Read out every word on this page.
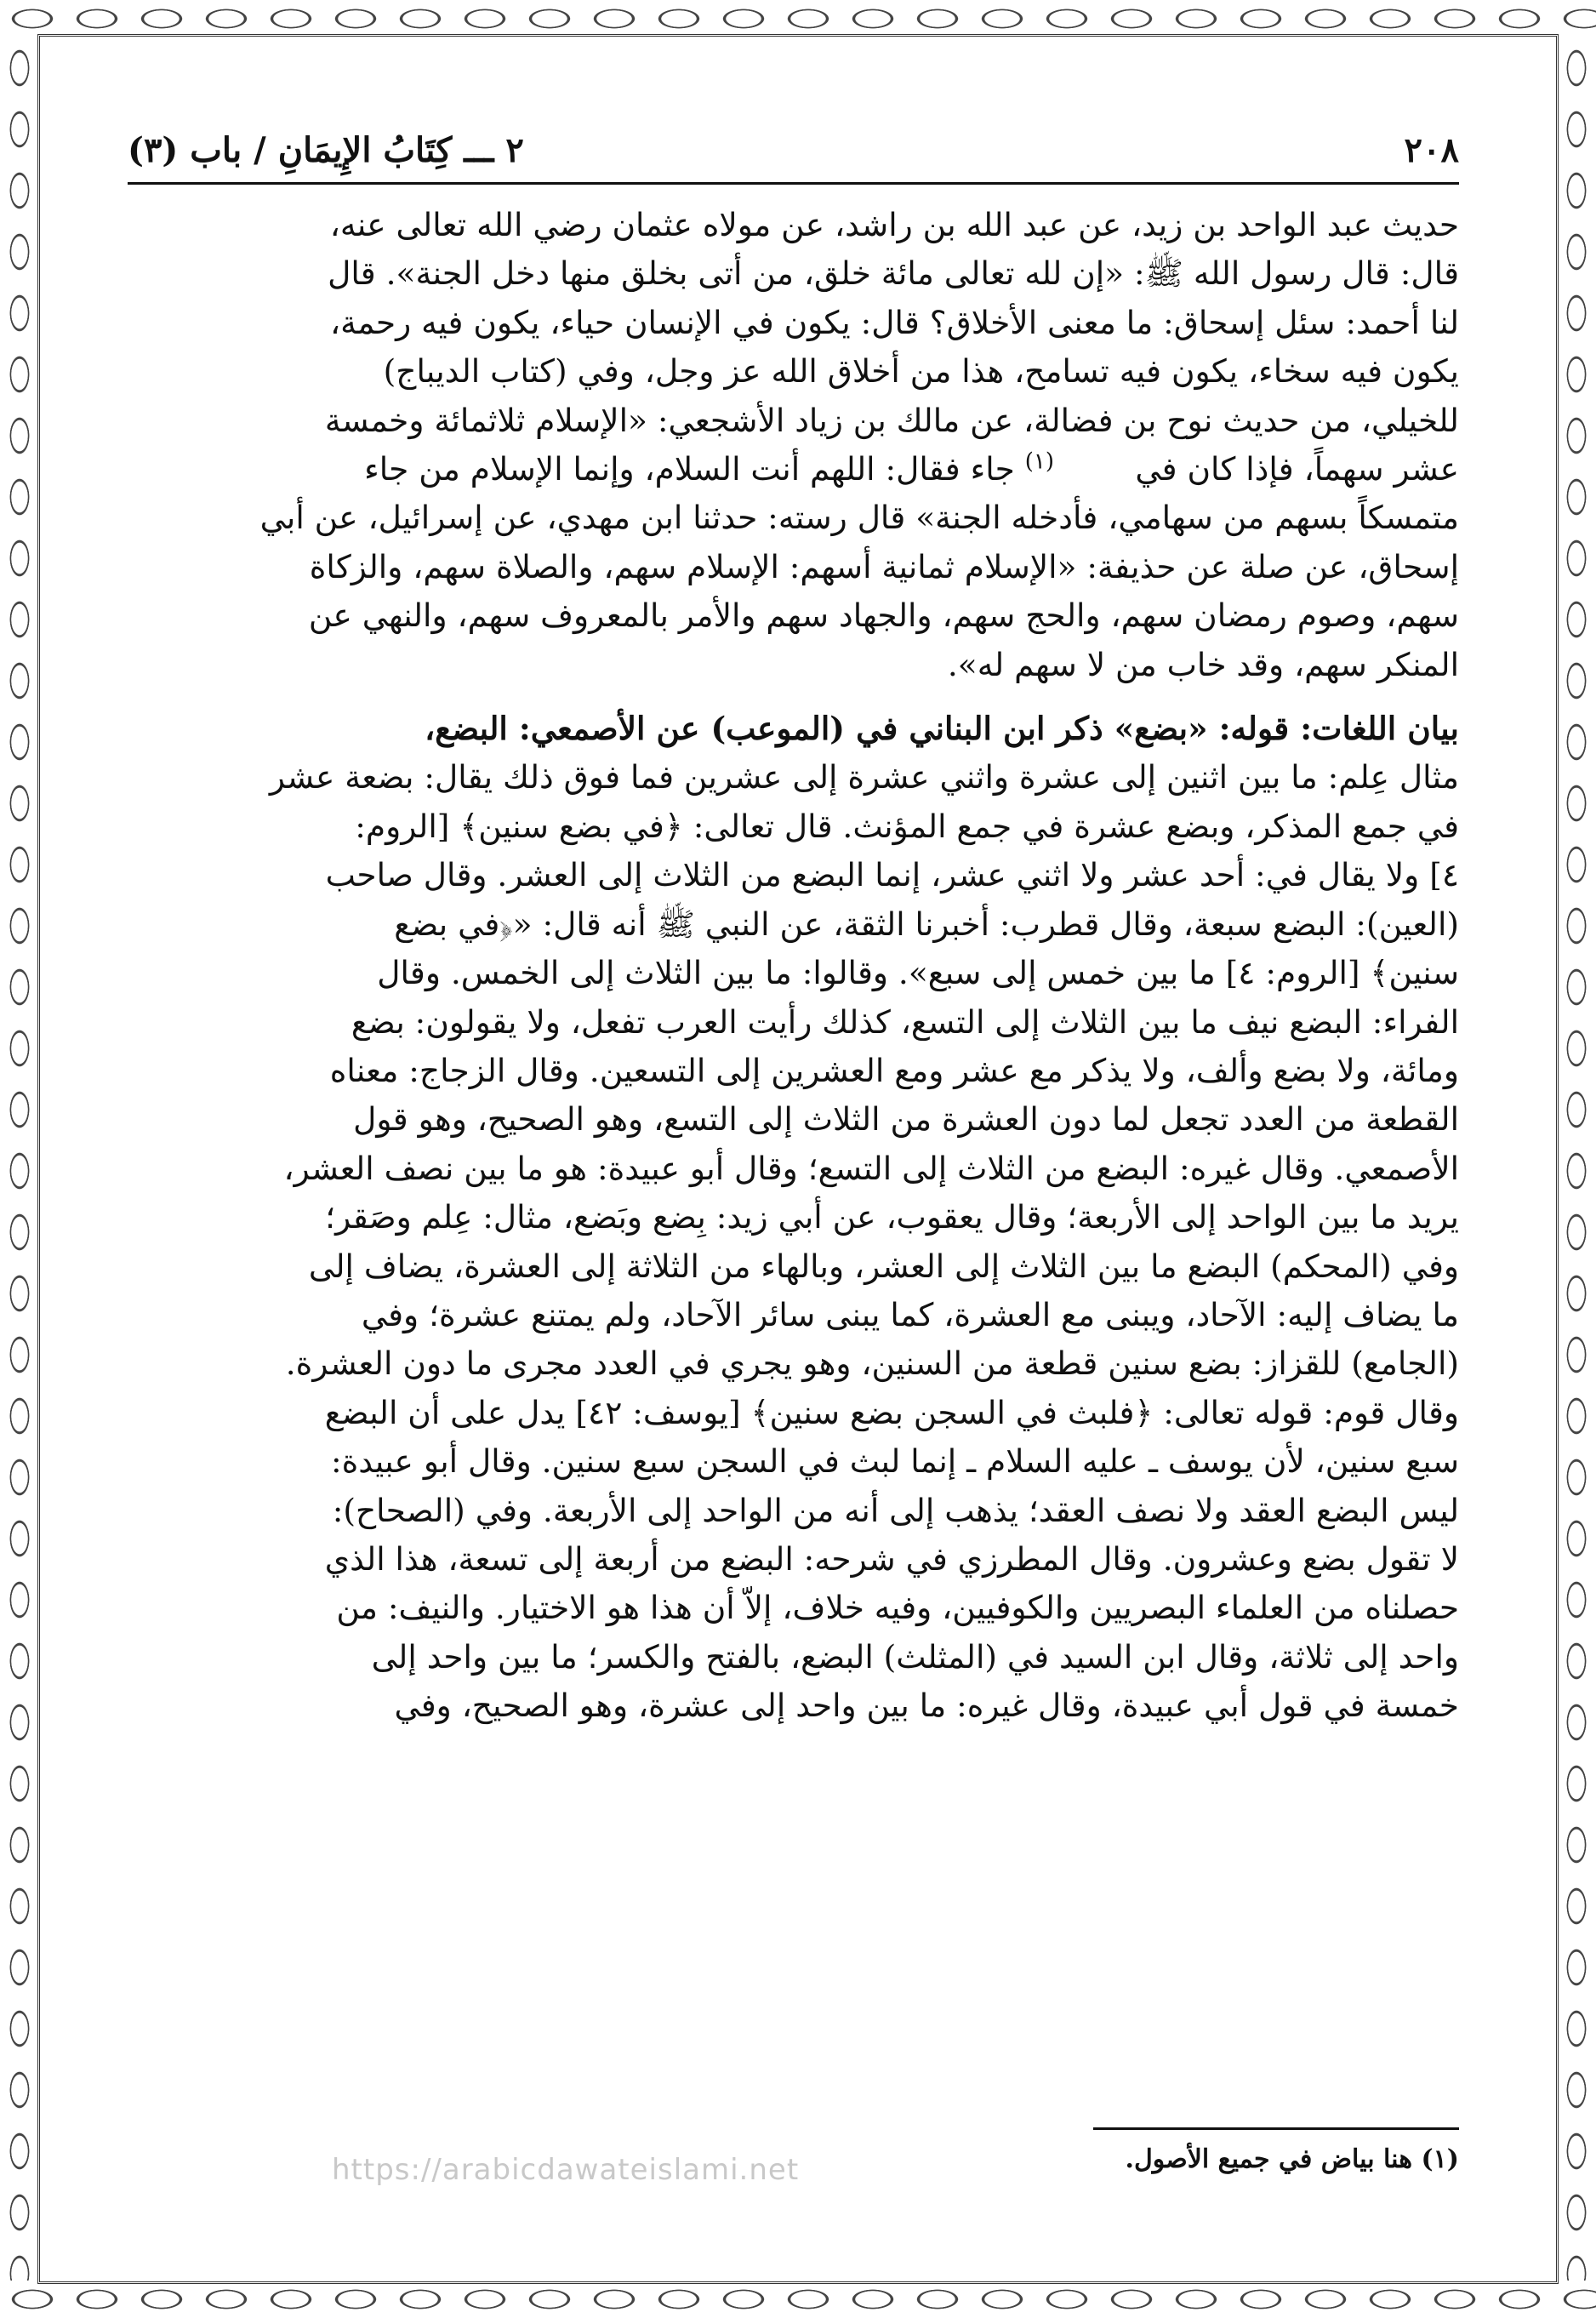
٢٠٨
٢ ـــ كِتَابُ الإِيمَانِ / باب (٣)

حديث عبد الواحد بن زيد، عن عبد الله بن راشد، عن مولاه عثمان رضي الله تعالى عنه،

قال: قال رسول الله ﷺ: «إن لله تعالى مائة خلق، من أتى بخلق منها دخل الجنة». قال

لنا أحمد: سئل إسحاق: ما معنى الأخلاق؟ قال: يكون في الإنسان حياء، يكون فيه رحمة،

يكون فيه سخاء، يكون فيه تسامح، هذا من أخلاق الله عز وجل، وفي (كتاب الديباج)

للخيلي، من حديث نوح بن فضالة، عن مالك بن زياد الأشجعي: «الإسلام ثلاثمائة وخمسة

عشر سهماً، فإذا كان في        $^{(١)}$ جاء فقال: اللهم أنت السلام، وإنما الإسلام من جاء

متمسكاً بسهم من سهامي، فأدخله الجنة» قال رسته: حدثنا ابن مهدي، عن إسرائيل، عن أبي

إسحاق، عن صلة عن حذيفة: «الإسلام ثمانية أسهم: الإسلام سهم، والصلاة سهم، والزكاة

سهم، وصوم رمضان سهم، والحج سهم، والجهاد سهم والأمر بالمعروف سهم، والنهي عن

المنكر سهم، وقد خاب من لا سهم له».

بيان اللغات: قوله: «بضع» ذكر ابن البناني في (الموعب) عن الأصمعي: البضع،

مثال عِلم: ما بين اثنين إلى عشرة واثني عشرة إلى عشرين فما فوق ذلك يقال: بضعة عشر

في جمع المذكر، وبضع عشرة في جمع المؤنث. قال تعالى: ﴿في بضع سنين﴾ [الروم:

٤] ولا يقال في: أحد عشر ولا اثني عشر، إنما البضع من الثلاث إلى العشر. وقال صاحب

(العين): البضع سبعة، وقال قطرب: أخبرنا الثقة، عن النبي ﷺ أنه قال: «﴿في بضع

سنين﴾ [الروم: ٤] ما بين خمس إلى سبع». وقالوا: ما بين الثلاث إلى الخمس. وقال

الفراء: البضع نيف ما بين الثلاث إلى التسع، كذلك رأيت العرب تفعل، ولا يقولون: بضع

ومائة، ولا بضع وألف، ولا يذكر مع عشر ومع العشرين إلى التسعين. وقال الزجاج: معناه

القطعة من العدد تجعل لما دون العشرة من الثلاث إلى التسع، وهو الصحيح، وهو قول

الأصمعي. وقال غيره: البضع من الثلاث إلى التسع؛ وقال أبو عبيدة: هو ما بين نصف العشر،

يريد ما بين الواحد إلى الأربعة؛ وقال يعقوب، عن أبي زيد: بِضع وبَضع، مثال: عِلم وصَقر؛

وفي (المحكم) البضع ما بين الثلاث إلى العشر، وبالهاء من الثلاثة إلى العشرة، يضاف إلى

ما يضاف إليه: الآحاد، ويبنى مع العشرة، كما يبنى سائر الآحاد، ولم يمتنع عشرة؛ وفي

(الجامع) للقزاز: بضع سنين قطعة من السنين، وهو يجري في العدد مجرى ما دون العشرة.

وقال قوم: قوله تعالى: ﴿فلبث في السجن بضع سنين﴾ [يوسف: ٤٢] يدل على أن البضع

سبع سنين، لأن يوسف ـ عليه السلام ـ إنما لبث في السجن سبع سنين. وقال أبو عبيدة:

ليس البضع العقد ولا نصف العقد؛ يذهب إلى أنه من الواحد إلى الأربعة. وفي (الصحاح):

لا تقول بضع وعشرون. وقال المطرزي في شرحه: البضع من أربعة إلى تسعة، هذا الذي

حصلناه من العلماء البصريين والكوفيين، وفيه خلاف، إلاّ أن هذا هو الاختيار. والنيف: من

واحد إلى ثلاثة، وقال ابن السيد في (المثلث) البضع، بالفتح والكسر؛ ما بين واحد إلى

خمسة في قول أبي عبيدة، وقال غيره: ما بين واحد إلى عشرة، وهو الصحيح، وفي

(١) هنا بياض في جميع الأصول.
https://arabicdawateislami.net
